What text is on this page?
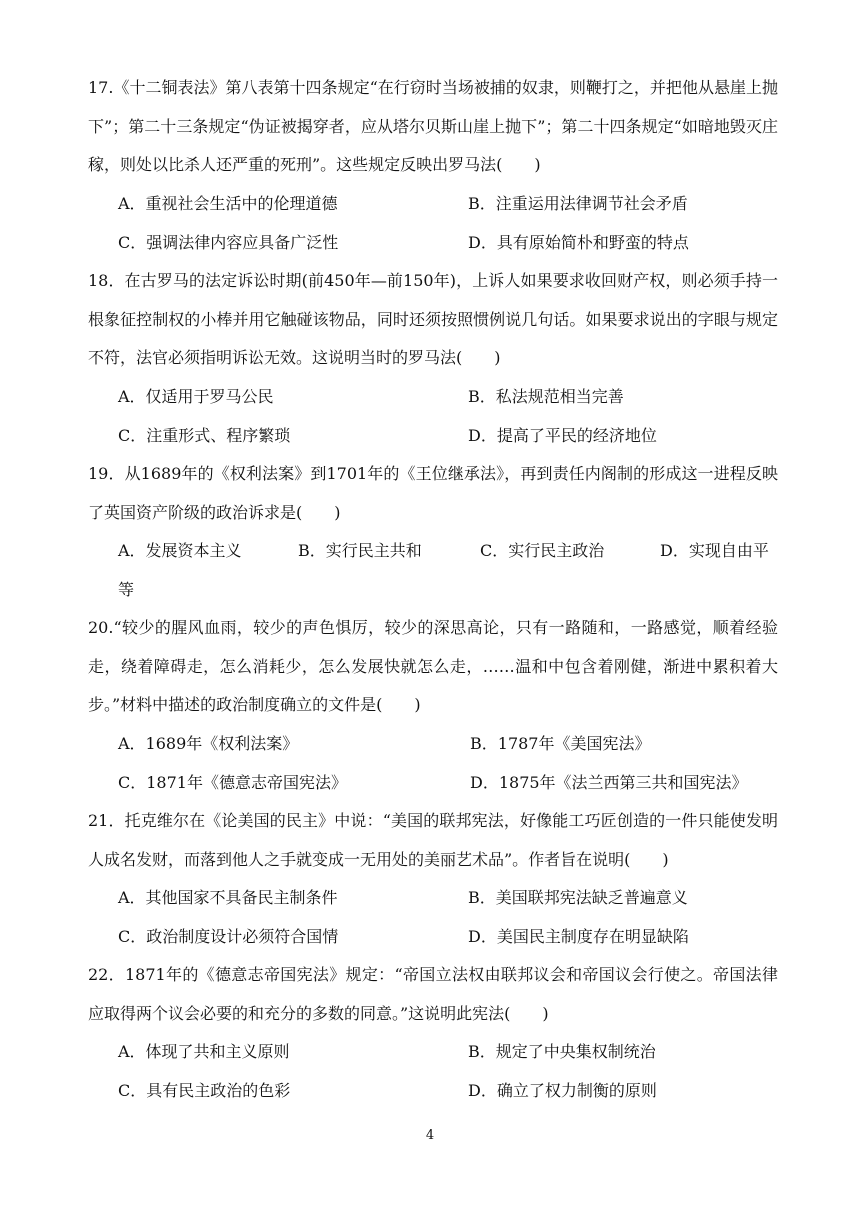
17.《十二铜表法》第八表第十四条规定“在行窃时当场被捕的奴隶，则鞭打之，并把他从悬崖上抛下”；第二十三条规定“伪证被揭穿者，应从塔尔贝斯山崖上抛下”；第二十四条规定“如暗地毁灭庄稼，则处以比杀人还严重的死刑”。这些规定反映出罗马法(　　)
A．重视社会生活中的伦理道德	B．注重运用法律调节社会矛盾
C．强调法律内容应具备广泛性	D．具有原始简朴和野蛮的特点
18．在古罗马的法定诉讼时期(前450年—前150年)，上诉人如果要求收回财产权，则必须手持一根象征控制权的小棒并用它触碰该物品，同时还须按照惯例说几句话。如果要求说出的字眼与规定不符，法官必须指明诉讼无效。这说明当时的罗马法(　　)
A．仅适用于罗马公民	B．私法规范相当完善
C．注重形式、程序繁琐	D．提高了平民的经济地位
19．从1689年的《权利法案》到1701年的《王位继承法》，再到责任内阁制的形成这一进程反映了英国资产阶级的政治诉求是(　　)
A．发展资本主义	B．实行民主共和	C．实行民主政治	D．实现自由平
等
20.“较少的腥风血雨，较少的声色惧厉，较少的深思高论，只有一路随和，一路感觉，顺着经验走，绕着障碍走，怎么消耗少，怎么发展快就怎么走，……温和中包含着刚健，渐进中累积着大步。”材料中描述的政治制度确立的文件是(　　)
A．1689年《权利法案》	B．1787年《美国宪法》
C．1871年《德意志帝国宪法》	D．1875年《法兰西第三共和国宪法》
21．托克维尔在《论美国的民主》中说：“美国的联邦宪法，好像能工巧匠创造的一件只能使发明人成名发财，而落到他人之手就变成一无用处的美丽艺术品”。作者旨在说明(　　)
A．其他国家不具备民主制条件	B．美国联邦宪法缺乏普遍意义
C．政治制度设计必须符合国情	D．美国民主制度存在明显缺陷
22．1871年的《德意志帝国宪法》规定：“帝国立法权由联邦议会和帝国议会行使之。帝国法律应取得两个议会必要的和充分的多数的同意。”这说明此宪法(　　)
A．体现了共和主义原则	B．规定了中央集权制统治
C．具有民主政治的色彩	D．确立了权力制衡的原则
4
